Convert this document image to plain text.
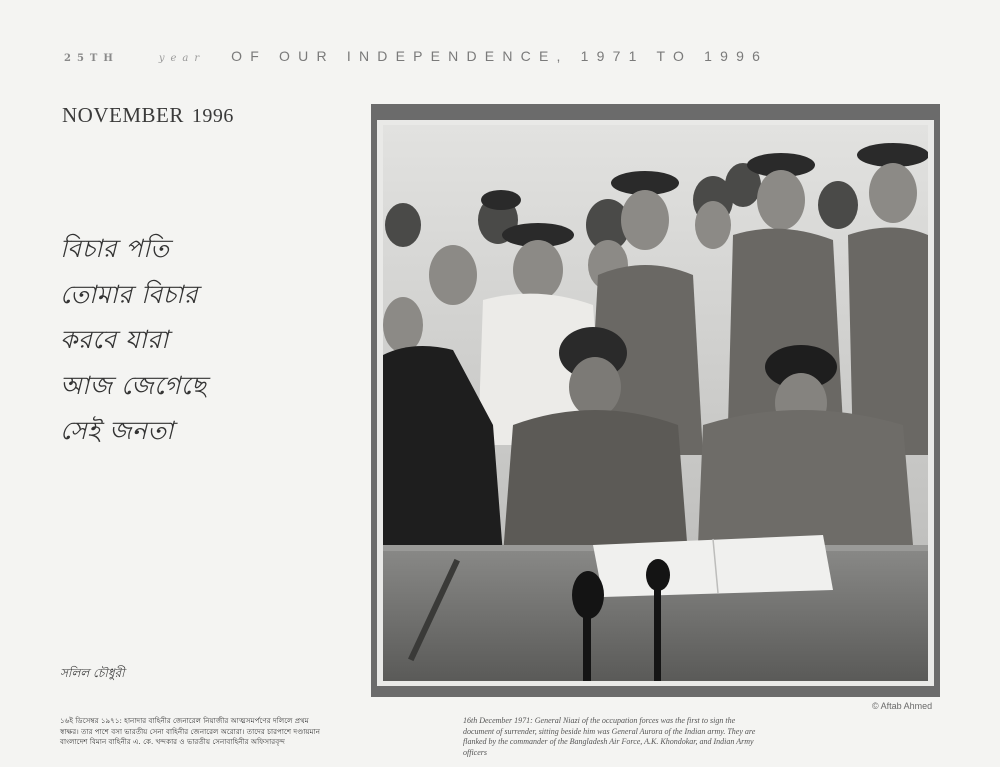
25TH	year OF OUR INDEPENDENCE, 1971 TO 1996
NOVEMBER 1996
বিচার পতি
তোমার বিচার
করবে যারা
আজ জেগেছে
সেই জনতা
সলিল চৌধুরী
© Aftab Ahmed
১৬ই ডিসেম্বর ১৯৭১: হানাদার বাহিনীর জেনারেল নিয়াজীর আত্মসমর্পণের দলিলে প্রথম স্বাক্ষর। তার পাশে বসা ভারতীয় সেনা বাহিনীর জেনারেল অরোরা। তাদের চারপাশে দণ্ডায়মান বাংলাদেশ বিমান বাহিনীর এ. কে. খন্দকার ও ভারতীয় সেনাবাহিনীর অফিসারবৃন্দ
16th December 1971: General Niazi of the occupation forces was the first to sign the document of surrender, sitting beside him was General Aurora of the Indian army. They are flanked by the commander of the Bangladesh Air Force, A.K. Khondokar, and Indian Army officers
